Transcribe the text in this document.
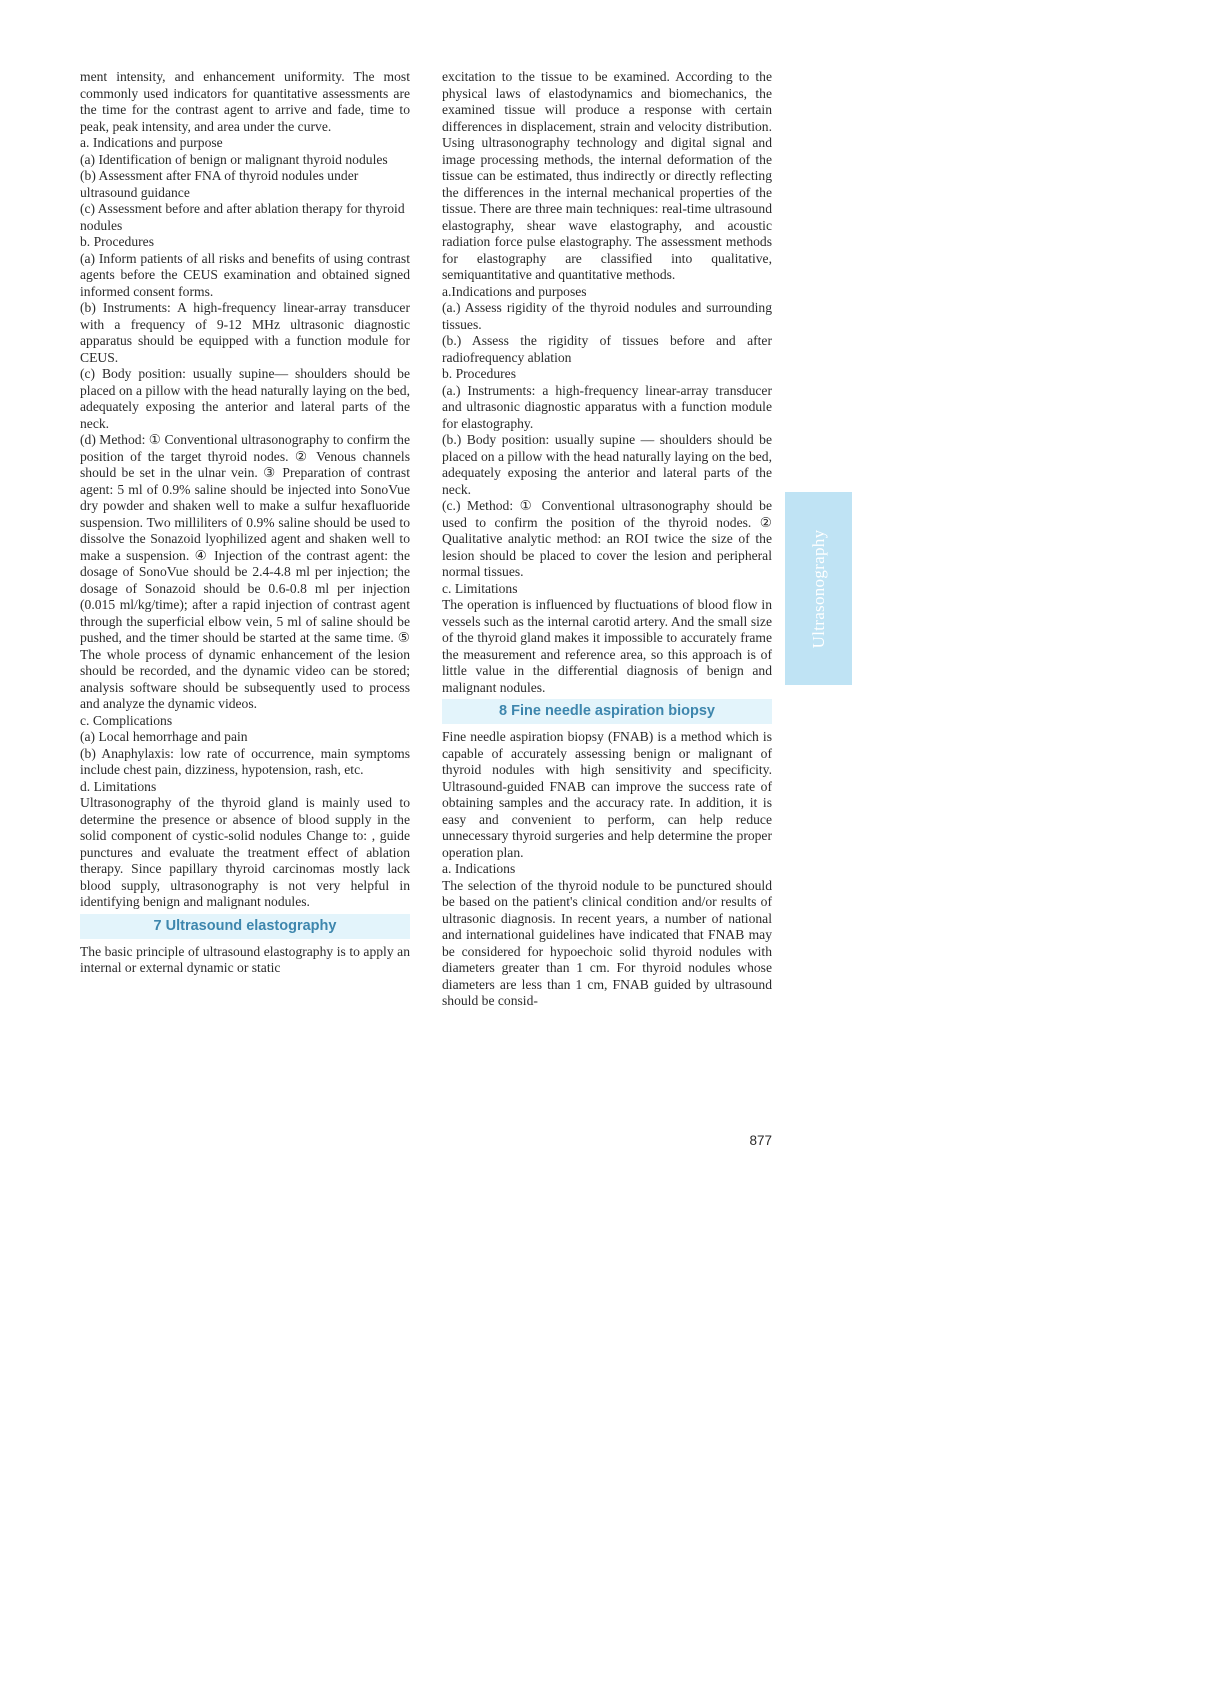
ment intensity, and enhancement uniformity. The most commonly used indicators for quantitative assessments are the time for the contrast agent to arrive and fade, time to peak, peak intensity, and area under the curve.

a. Indications and purpose

(a) Identification of benign or malignant thyroid nodules

(b) Assessment after FNA of thyroid nodules under ultrasound guidance

(c) Assessment before and after ablation therapy for thyroid nodules

b. Procedures

(a) Inform patients of all risks and benefits of using contrast agents before the CEUS examination and obtained signed informed consent forms.

(b) Instruments: A high-frequency linear-array transducer with a frequency of 9-12 MHz ultrasonic diagnostic apparatus should be equipped with a function module for CEUS.

(c) Body position: usually supine— shoulders should be placed on a pillow with the head naturally laying on the bed, adequately exposing the anterior and lateral parts of the neck.

(d) Method: ① Conventional ultrasonography to confirm the position of the target thyroid nodes. ② Venous channels should be set in the ulnar vein. ③ Preparation of contrast agent: 5 ml of 0.9% saline should be injected into SonoVue dry powder and shaken well to make a sulfur hexafluoride suspension. Two milliliters of 0.9% saline should be used to dissolve the Sonazoid lyophilized agent and shaken well to make a suspension. ④ Injection of the contrast agent: the dosage of SonoVue should be 2.4-4.8 ml per injection; the dosage of Sonazoid should be 0.6-0.8 ml per injection (0.015 ml/kg/time); after a rapid injection of contrast agent through the superficial elbow vein, 5 ml of saline should be pushed, and the timer should be started at the same time. ⑤ The whole process of dynamic enhancement of the lesion should be recorded, and the dynamic video can be stored; analysis software should be subsequently used to process and analyze the dynamic videos.

c. Complications

(a) Local hemorrhage and pain

(b) Anaphylaxis: low rate of occurrence, main symptoms include chest pain, dizziness, hypotension, rash, etc.

d. Limitations

Ultrasonography of the thyroid gland is mainly used to determine the presence or absence of blood supply in the solid component of cystic-solid nodules Change to: , guide punctures and evaluate the treatment effect of ablation therapy. Since papillary thyroid carcinomas mostly lack blood supply, ultrasonography is not very helpful in identifying benign and malignant nodules.

7 Ultrasound elastography

The basic principle of ultrasound elastography is to apply an internal or external dynamic or static

excitation to the tissue to be examined. According to the physical laws of elastodynamics and biomechanics, the examined tissue will produce a response with certain differences in displacement, strain and velocity distribution. Using ultrasonography technology and digital signal and image processing methods, the internal deformation of the tissue can be estimated, thus indirectly or directly reflecting the differences in the internal mechanical properties of the tissue. There are three main techniques: real-time ultrasound elastography, shear wave elastography, and acoustic radiation force pulse elastography. The assessment methods for elastography are classified into qualitative, semiquantitative and quantitative methods.

a.Indications and purposes

(a.) Assess rigidity of the thyroid nodules and surrounding tissues.

(b.) Assess the rigidity of tissues before and after radiofrequency ablation

b. Procedures

(a.) Instruments: a high-frequency linear-array transducer and ultrasonic diagnostic apparatus with a function module for elastography.

(b.) Body position: usually supine — shoulders should be placed on a pillow with the head naturally laying on the bed, adequately exposing the anterior and lateral parts of the neck.

(c.) Method: ① Conventional ultrasonography should be used to confirm the position of the thyroid nodes. ② Qualitative analytic method: an ROI twice the size of the lesion should be placed to cover the lesion and peripheral normal tissues.

c. Limitations

The operation is influenced by fluctuations of blood flow in vessels such as the internal carotid artery. And the small size of the thyroid gland makes it impossible to accurately frame the measurement and reference area, so this approach is of little value in the differential diagnosis of benign and malignant nodules.

8 Fine needle aspiration biopsy

Fine needle aspiration biopsy (FNAB) is a method which is capable of accurately assessing benign or malignant of thyroid nodules with high sensitivity and specificity. Ultrasound-guided FNAB can improve the success rate of obtaining samples and the accuracy rate. In addition, it is easy and convenient to perform, can help reduce unnecessary thyroid surgeries and help determine the proper operation plan.

a. Indications

The selection of the thyroid nodule to be punctured should be based on the patient's clinical condition and/or results of ultrasonic diagnosis. In recent years, a number of national and international guidelines have indicated that FNAB may be considered for hypoechoic solid thyroid nodules with diameters greater than 1 cm. For thyroid nodules whose diameters are less than 1 cm, FNAB guided by ultrasound should be consid-

Ultrasonography
877
